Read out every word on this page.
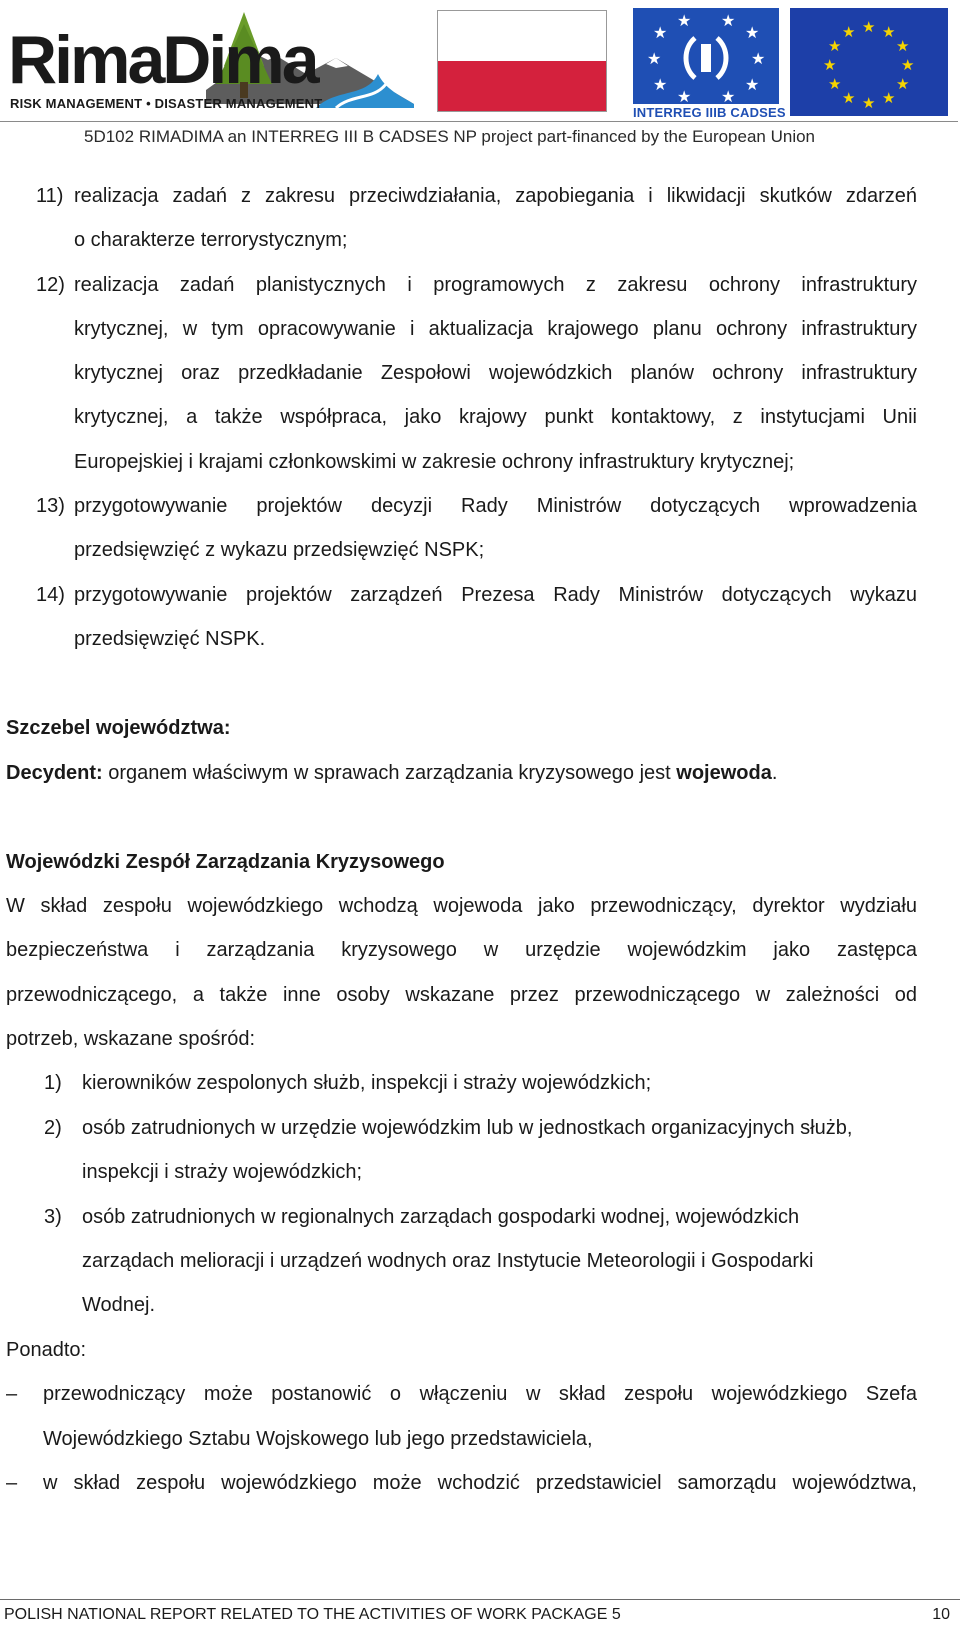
RimaDima
RISK MANAGEMENT • DISASTER MANAGEMENT
★
★
★
★
★
★
★
★
★
★
INTERREG IIIB CADSES
★ ★
★
★
★
★
★
★
★
★
★
★
5D102 RIMADIMA an INTERREG III B CADSES NP project part-financed by the European Union
11) realizacja zadań z zakresu przeciwdziałania, zapobiegania i likwidacji skutków zdarzeń
o charakterze terrorystycznym;
12) realizacja zadań planistycznych i programowych z zakresu ochrony infrastruktury
krytycznej, w tym opracowywanie i aktualizacja krajowego planu ochrony infrastruktury
krytycznej oraz przedkładanie Zespołowi wojewódzkich planów ochrony infrastruktury
krytycznej, a także współpraca, jako krajowy punkt kontaktowy, z instytucjami Unii
Europejskiej i krajami członkowskimi w zakresie ochrony infrastruktury krytycznej;
13) przygotowywanie projektów decyzji Rady Ministrów dotyczących wprowadzenia
przedsięwzięć z wykazu przedsięwzięć NSPK;
14) przygotowywanie projektów zarządzeń Prezesa Rady Ministrów dotyczących wykazu
przedsięwzięć NSPK.
Szczebel województwa:
Decydent: organem właściwym w sprawach zarządzania kryzysowego jest wojewoda.
Wojewódzki Zespół Zarządzania Kryzysowego
W skład zespołu wojewódzkiego wchodzą wojewoda jako przewodniczący, dyrektor wydziału
bezpieczeństwa i zarządzania kryzysowego w urzędzie wojewódzkim jako zastępca
przewodniczącego, a także inne osoby wskazane przez przewodniczącego w zależności od
potrzeb, wskazane spośród:
1) kierowników zespolonych służb, inspekcji i straży wojewódzkich;
2) osób zatrudnionych w urzędzie wojewódzkim lub w jednostkach organizacyjnych służb,
inspekcji i straży wojewódzkich;
3) osób zatrudnionych w regionalnych zarządach gospodarki wodnej, wojewódzkich
zarządach melioracji i urządzeń wodnych oraz Instytucie Meteorologii i Gospodarki
Wodnej.
Ponadto:
– przewodniczący może postanowić o włączeniu w skład zespołu wojewódzkiego Szefa
Wojewódzkiego Sztabu Wojskowego lub jego przedstawiciela,
– w skład zespołu wojewódzkiego może wchodzić przedstawiciel samorządu województwa,
POLISH NATIONAL REPORT RELATED TO THE ACTIVITIES OF WORK PACKAGE 5	10
